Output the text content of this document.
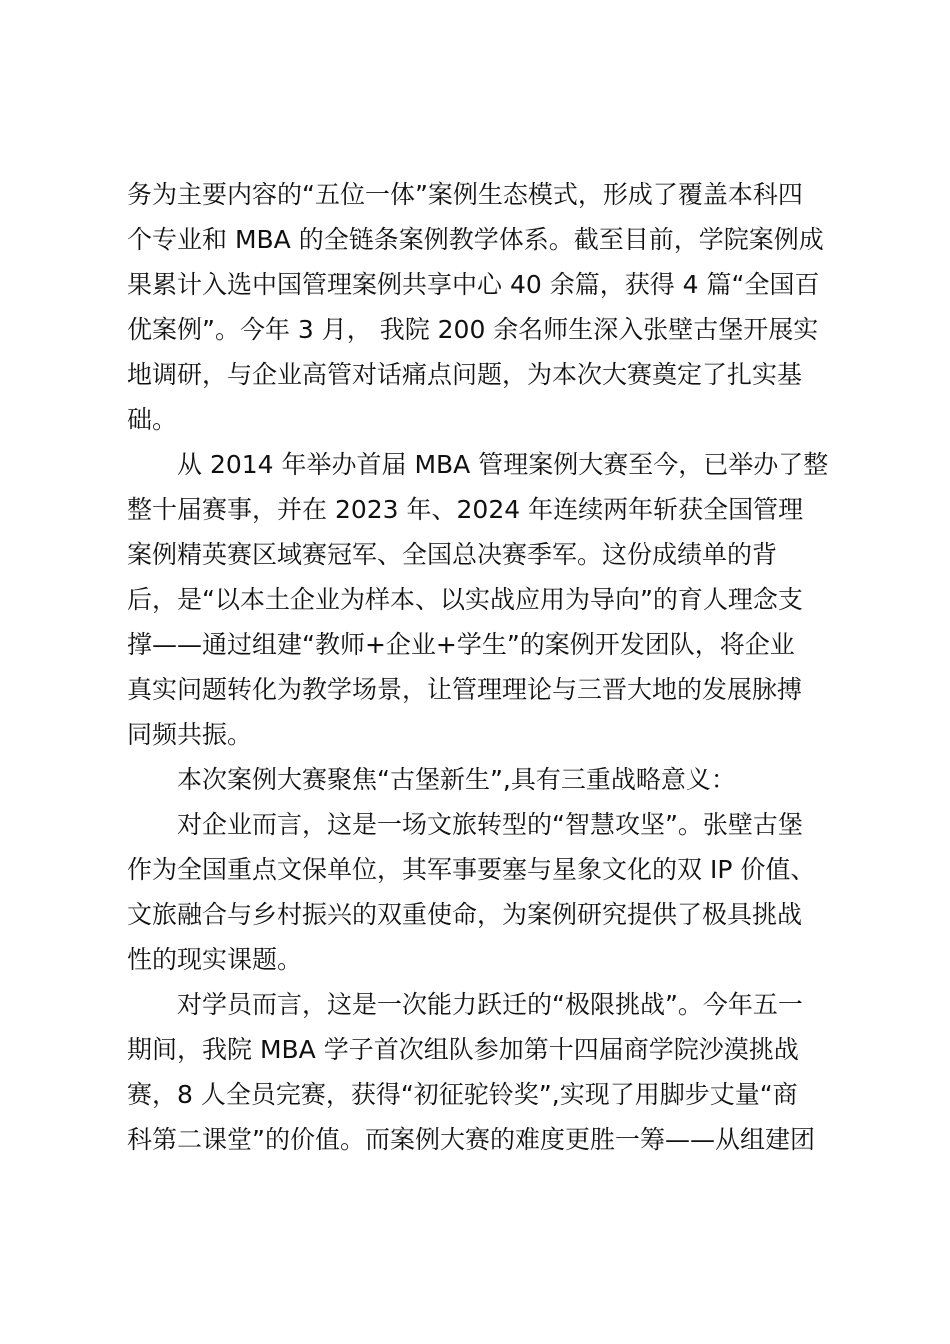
务为主要内容的“五位一体”案例生态模式，形成了覆盖本科四
个专业和 MBA 的全链条案例教学体系。截至目前，学院案例成
果累计入选中国管理案例共享中心 40 余篇，获得 4 篇“全国百
优案例”。今年 3 月， 我院 200 余名师生深入张壁古堡开展实
地调研，与企业高管对话痛点问题，为本次大赛奠定了扎实基
础。

从 2014 年举办首届 MBA 管理案例大赛至今，已举办了整
整十届赛事，并在 2023 年、2024 年连续两年斩获全国管理
案例精英赛区域赛冠军、全国总决赛季军。这份成绩单的背
后，是“以本土企业为样本、以实战应用为导向”的育人理念支
撑——通过组建“教师+企业+学生”的案例开发团队，将企业
真实问题转化为教学场景，让管理理论与三晋大地的发展脉搏
同频共振。

本次案例大赛聚焦“古堡新生”,具有三重战略意义：

对企业而言，这是一场文旅转型的“智慧攻坚”。张壁古堡
作为全国重点文保单位，其军事要塞与星象文化的双 IP 价值、
文旅融合与乡村振兴的双重使命，为案例研究提供了极具挑战
性的现实课题。

对学员而言，这是一次能力跃迁的“极限挑战”。今年五一
期间，我院 MBA 学子首次组队参加第十四届商学院沙漠挑战
赛，8 人全员完赛，获得“初征驼铃奖”,实现了用脚步丈量“商
科第二课堂”的价值。而案例大赛的难度更胜一筹——从组建团
